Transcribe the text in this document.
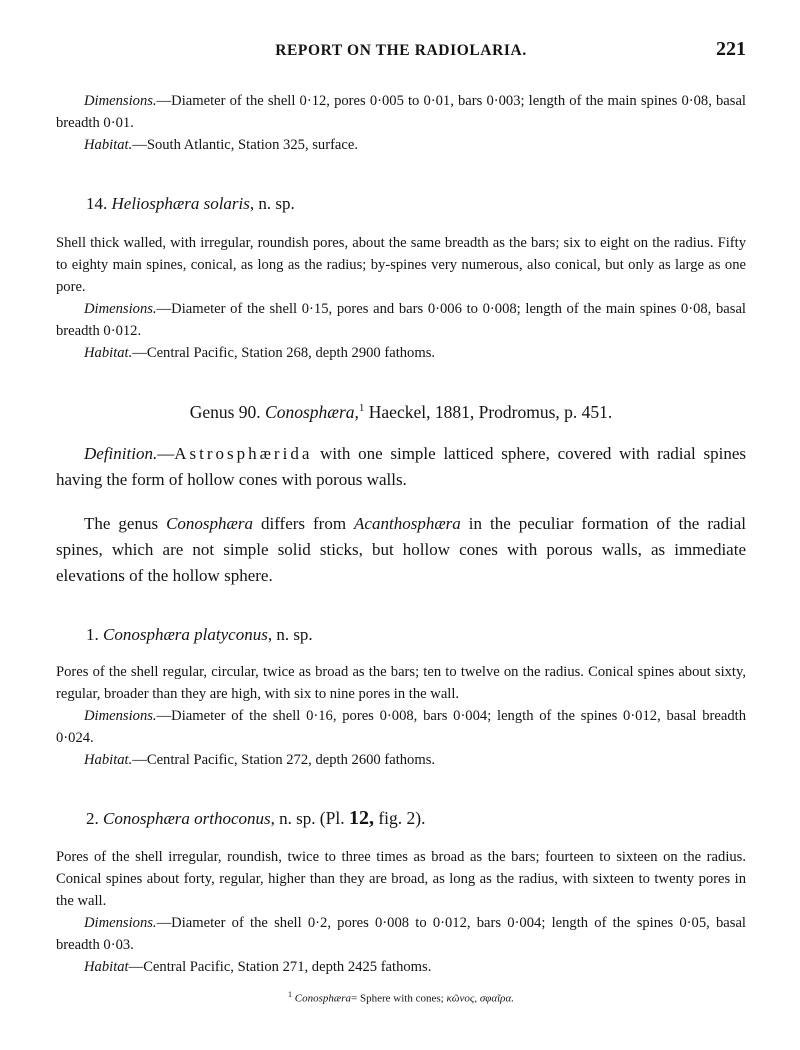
REPORT ON THE RADIOLARIA.	221

Dimensions.—Diameter of the shell 0·12, pores 0·005 to 0·01, bars 0·003; length of the main spines 0·08, basal breadth 0·01.

Habitat.—South Atlantic, Station 325, surface.

14. Heliosphæra solaris, n. sp.

Shell thick walled, with irregular, roundish pores, about the same breadth as the bars; six to eight on the radius. Fifty to eighty main spines, conical, as long as the radius; by-spines very numerous, also conical, but only as large as one pore.

Dimensions.—Diameter of the shell 0·15, pores and bars 0·006 to 0·008; length of the main spines 0·08, basal breadth 0·012.

Habitat.—Central Pacific, Station 268, depth 2900 fathoms.

Genus 90. Conosphæra,$^1$ Haeckel, 1881, Prodromus, p. 451.

Definition.—Astrosphærida with one simple latticed sphere, covered with radial spines having the form of hollow cones with porous walls.

The genus Conosphæra differs from Acanthosphæra in the peculiar formation of the radial spines, which are not simple solid sticks, but hollow cones with porous walls, as immediate elevations of the hollow sphere.

1. Conosphæra platyconus, n. sp.

Pores of the shell regular, circular, twice as broad as the bars; ten to twelve on the radius. Conical spines about sixty, regular, broader than they are high, with six to nine pores in the wall.

Dimensions.—Diameter of the shell 0·16, pores 0·008, bars 0·004; length of the spines 0·012, basal breadth 0·024.

Habitat.—Central Pacific, Station 272, depth 2600 fathoms.

2. Conosphæra orthoconus, n. sp. (Pl. 12, fig. 2).

Pores of the shell irregular, roundish, twice to three times as broad as the bars; fourteen to sixteen on the radius. Conical spines about forty, regular, higher than they are broad, as long as the radius, with sixteen to twenty pores in the wall.

Dimensions.—Diameter of the shell 0·2, pores 0·008 to 0·012, bars 0·004; length of the spines 0·05, basal breadth 0·03.

Habitat—Central Pacific, Station 271, depth 2425 fathoms.

$^1$ Conosphæra= Sphere with cones; κῶνος, σφαῖρα.
